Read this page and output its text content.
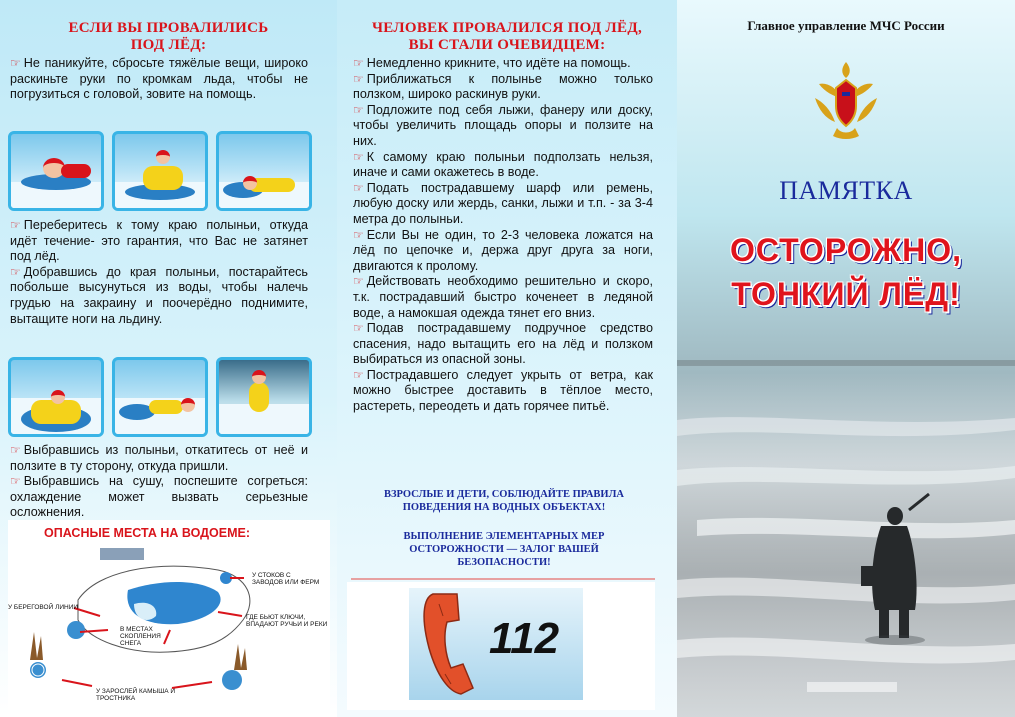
ЕСЛИ ВЫ ПРОВАЛИЛИСЬ
ПОД ЛЁД:

☞ Не паникуйте, сбросьте тяжёлые вещи, широко раскиньте руки по кромкам льда, чтобы не погрузиться с головой, зовите на помощь.

☞ Переберитесь к тому краю полыньи, откуда идёт течение- это гарантия, что Вас не затянет под лёд.

☞ Добравшись до края полыньи, постарайтесь побольше высунуться из воды, чтобы налечь грудью на закраину и поочерёдно поднимите, вытащите ноги на льдину.

☞ Выбравшись из полыньи, откатитесь от неё и ползите в ту сторону, откуда пришли.

☞ Выбравшись на сушу, поспешите согреться: охлаждение может вызвать серьезные осложнения.

ОПАСНЫЕ МЕСТА НА ВОДОЕМЕ:
У СТОКОВ С ЗАВОДОВ ИЛИ ФЕРМ
У БЕРЕГОВОЙ ЛИНИИ
ГДЕ БЬЮТ КЛЮЧИ, ВПАДАЮТ РУЧЬИ И РЕКИ
В МЕСТАХ СКОПЛЕНИЯ СНЕГА
У ЗАРОСЛЕЙ КАМЫША И ТРОСТНИКА
ЧЕЛОВЕК ПРОВАЛИЛСЯ ПОД ЛЁД,
ВЫ СТАЛИ ОЧЕВИДЦЕМ:

☞ Немедленно крикните, что идёте на помощь.

☞ Приближаться к полынье можно только ползком, широко раскинув руки.

☞ Подложите под себя лыжи, фанеру или доску, чтобы увеличить площадь опоры и ползите на них.

☞ К самому краю полыньи подползать нельзя, иначе и сами окажетесь в воде.

☞ Подать пострадавшему шарф или ремень, любую доску или жердь, санки, лыжи и т.п. - за 3-4 метра до полыньи.

☞ Если Вы не один, то 2-3 человека ложатся на лёд по цепочке и, держа друг друга за ноги, двигаются к пролому.

☞ Действовать необходимо решительно и скоро, т.к. пострадавший быстро коченеет в ледяной воде, а намокшая одежда тянет его вниз.

☞ Подав пострадавшему подручное средство спасения, надо вытащить его на лёд и ползком выбираться из опасной зоны.

☞ Пострадавшего следует укрыть от ветра, как можно быстрее доставить в тёплое место, растереть, переодеть и дать горячее питьё.

ВЗРОСЛЫЕ И ДЕТИ, СОБЛЮДАЙТЕ ПРАВИЛА
ПОВЕДЕНИЯ НА ВОДНЫХ ОБЪЕКТАХ!
ВЫПОЛНЕНИЕ ЭЛЕМЕНТАРНЫХ МЕР
ОСТОРОЖНОСТИ — ЗАЛОГ ВАШЕЙ
БЕЗОПАСНОСТИ!
112
Главное управление МЧС России
ПАМЯТКА
ОСТОРОЖНО,
ТОНКИЙ ЛЁД!
